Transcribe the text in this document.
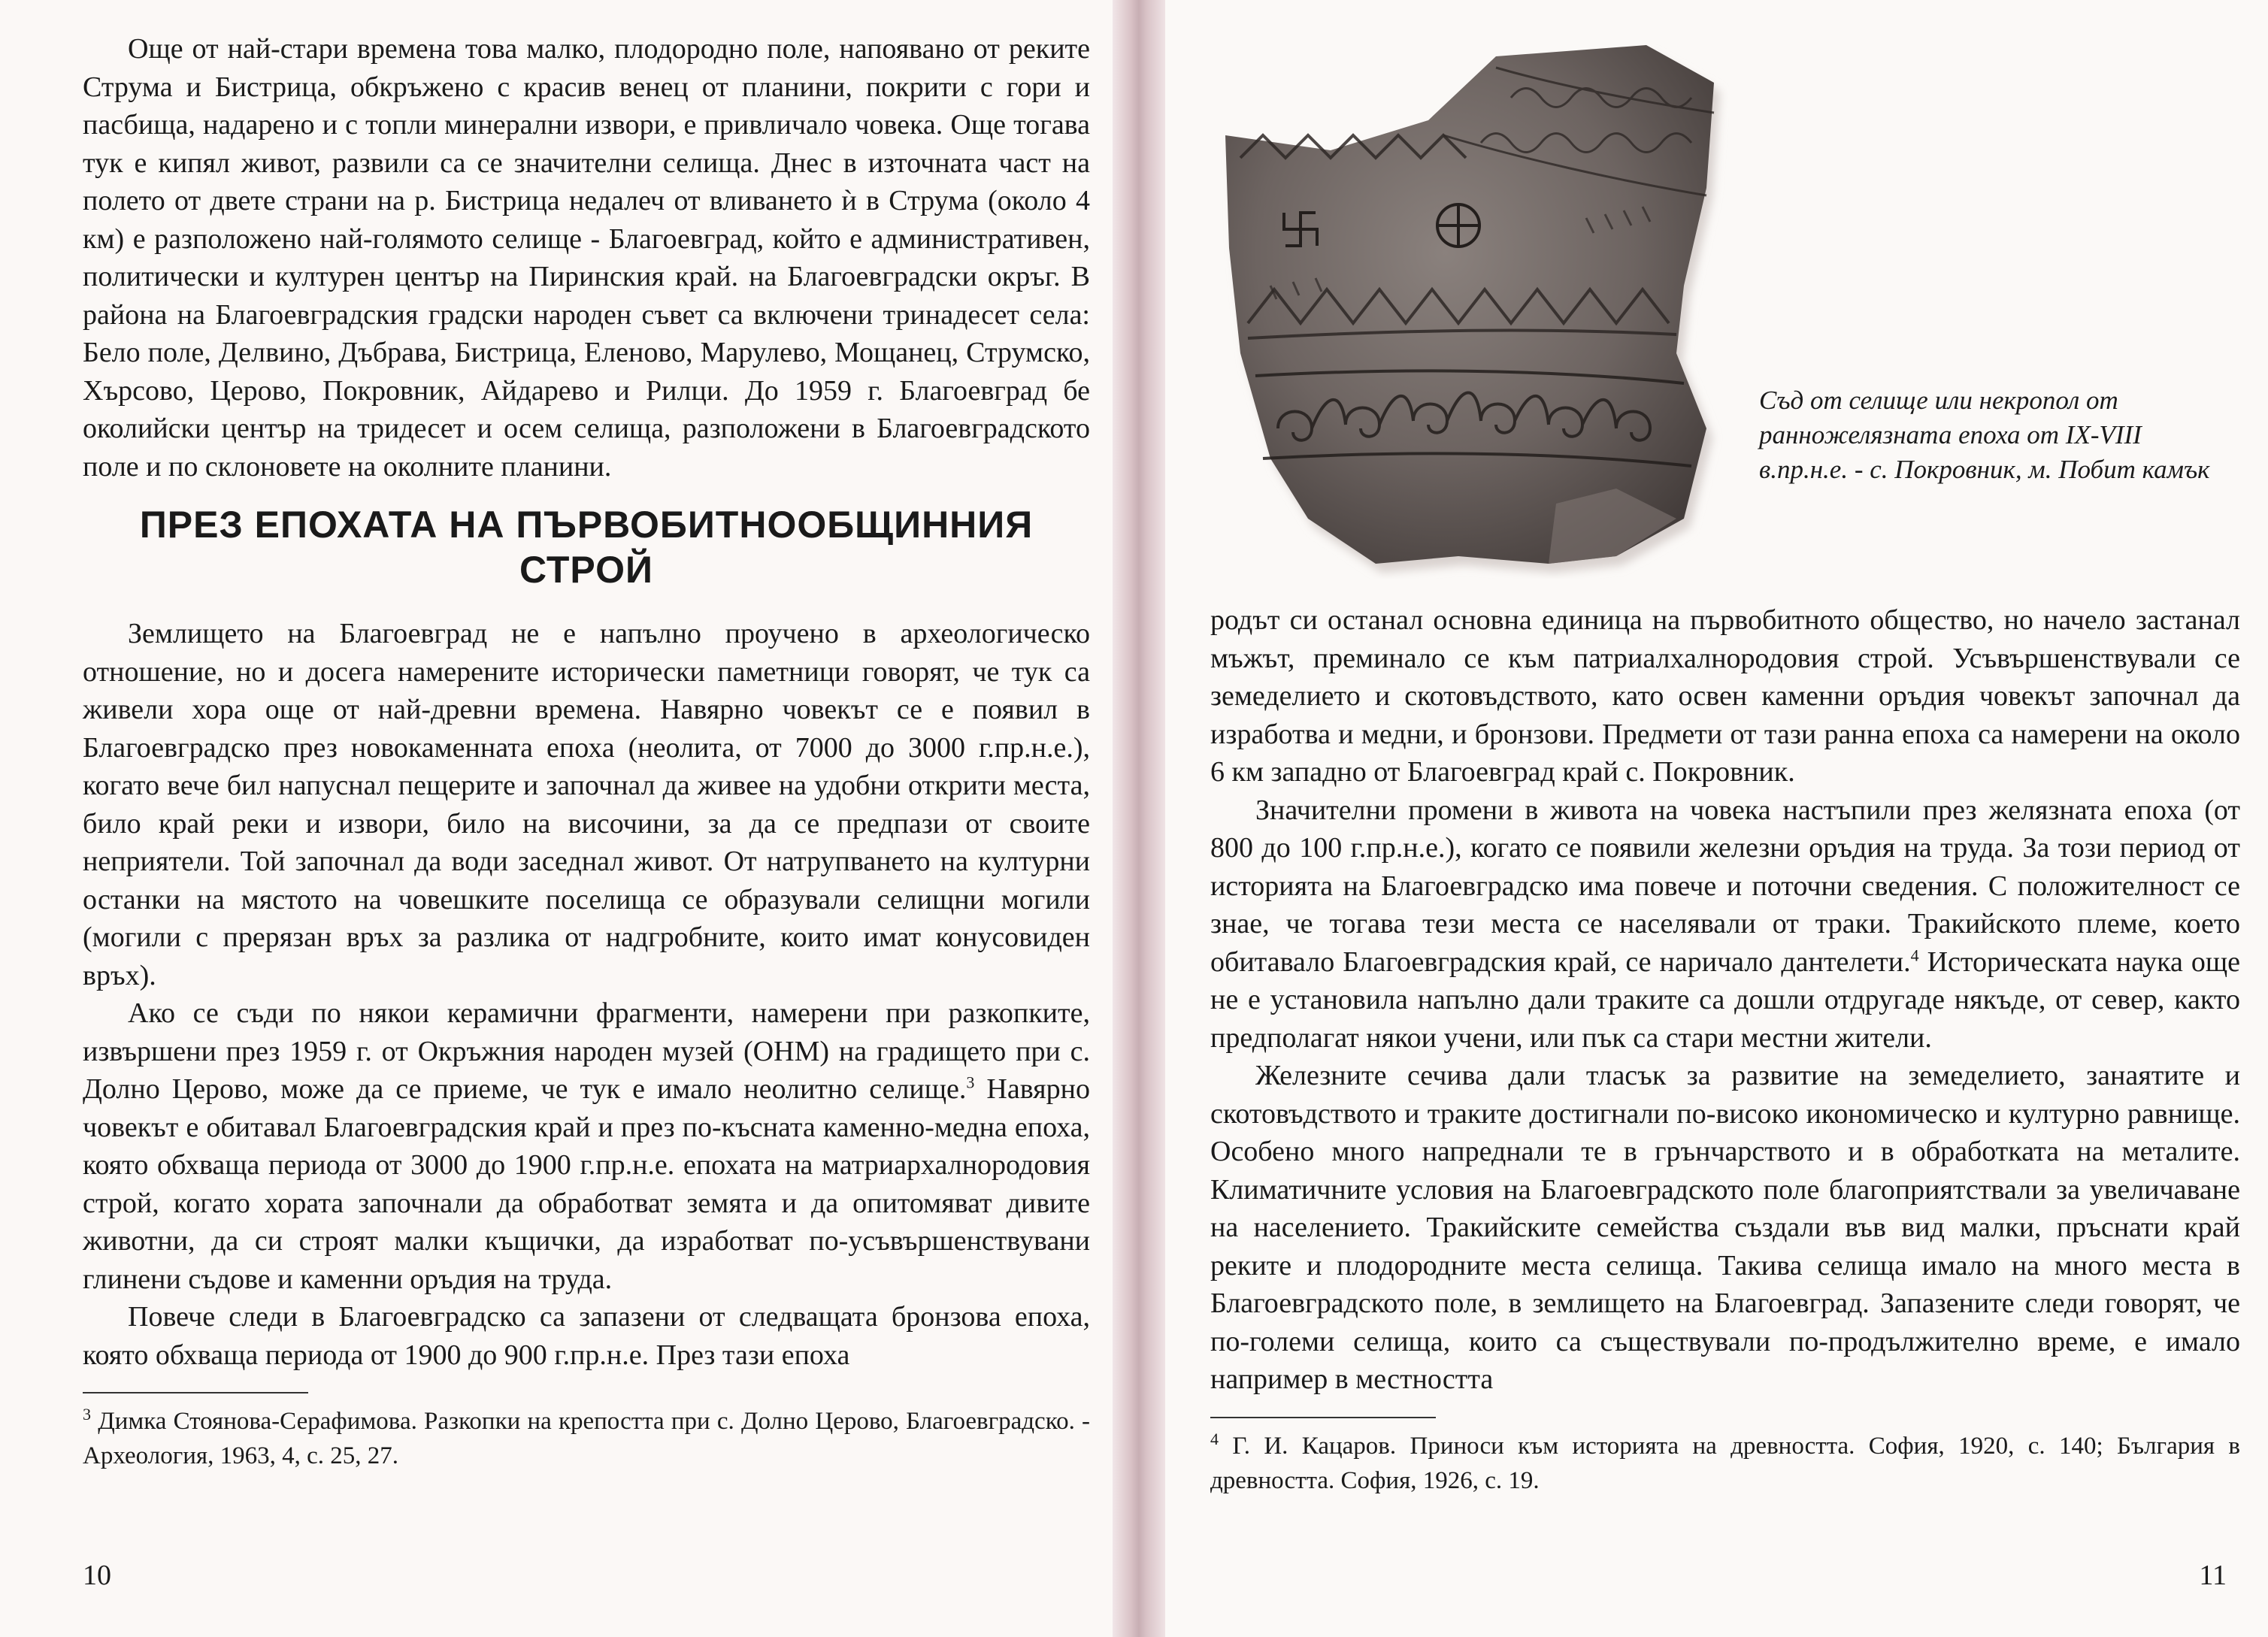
Още от най-стари времена това малко, плодородно поле, напоявано от реките Струма и Бистрица, обкръжено с красив венец от планини, покрити с гори и пасбища, надарено и с топли минерални извори, е привличало човека. Още тогава тук е кипял живот, развили са се значителни селища. Днес в източната част на полето от двете страни на р. Бистрица недалеч от вливането ѝ в Струма (около 4 км) е разположено най-голямото селище - Благоевград, който е административен, политически и културен център на Пиринския край. на Благоевградски окръг. В района на Благоевградския градски народен съвет са включени тринадесет села: Бело поле, Делвино, Дъбрава, Бистрица, Еленово, Марулево, Мощанец, Струмско, Хърсово, Церово, Покровник, Айдарево и Рилци. До 1959 г. Благоевград бе околийски център на тридесет и осем селища, разположени в Благоевградското поле и по склоновете на околните планини.

ПРЕЗ ЕПОХАТА НА ПЪРВОБИТНООБЩИННИЯ
СТРОЙ

Землището на Благоевград не е напълно проучено в археологическо отношение, но и досега намерените исторически паметници говорят, че тук са живели хора още от най-древни времена. Навярно човекът се е появил в Благоевградско през новокаменната епоха (неолита, от 7000 до 3000 г.пр.н.е.), когато вече бил напуснал пещерите и започнал да живее на удобни открити места, било край реки и извори, било на височини, за да се предпази от своите неприятели. Той започнал да води заседнал живот. От натрупването на културни останки на мястото на човешките поселища се образували селищни могили (могили с прерязан връх за разлика от надгробните, които имат конусовиден връх).

Ако се съди по някои керамични фрагменти, намерени при разкопките, извършени през 1959 г. от Окръжния народен музей (ОНМ) на градището при с. Долно Церово, може да се приеме, че тук е имало неолитно селище.$^3$ Навярно човекът е обитавал Благоевградския край и през по-късната каменно-медна епоха, която обхваща периода от 3000 до 1900 г.пр.н.е. епохата на матриархалнородовия строй, когато хората започнали да обработват земята и да опитомяват дивите животни, да си строят малки къщички, да изработват по-усъвършенствувани глинени съдове и каменни оръдия на труда.

Повече следи в Благоевградско са запазени от следващата бронзова епоха, която обхваща периода от 1900 до 900 г.пр.н.е. През тази епоха

$^3$ Димка Стоянова-Серафимова. Разкопки на крепостта при с. Долно Церово, Благоевградско. - Археология, 1963, 4, с. 25, 27.

10
Съд от селище или некропол от ранножелязната епоха от IX-VIII в.пр.н.е. - с. Покровник, м. Побит камък

родът си останал основна единица на първобитното общество, но начело застанал мъжът, преминало се към патриалхалнородовия строй. Усъвършенствували се земеделието и скотовъдството, като освен каменни оръдия човекът започнал да изработва и медни, и бронзови. Предмети от тази ранна епоха са намерени на около 6 км западно от Благоевград край с. Покровник.

Значителни промени в живота на човека настъпили през желязната епоха (от 800 до 100 г.пр.н.е.), когато се появили железни оръдия на труда. За този период от историята на Благоевградско има повече и поточни сведения. С положителност се знае, че тогава тези места се населявали от траки. Тракийското племе, което обитавало Благоевградския край, се наричало дантелети.$^4$ Историческата наука още не е установила напълно дали траките са дошли отдругаде някъде, от север, както предполагат някои учени, или пък са стари местни жители.

Железните сечива дали тласък за развитие на земеделието, занаятите и скотовъдството и траките достигнали по-високо икономическо и културно равнище. Особено много напреднали те в грънчарството и в обработката на металите. Климатичните условия на Благоевградското поле благоприятствали за увеличаване на населението. Тракийските семейства създали във вид малки, пръснати край реките и плодородните места селища. Такива селища имало на много места в Благоевградското поле, в землището на Благоевград. Запазените следи говорят, че по-големи селища, които са съществували по-продължително време, е имало например в местността

$^4$ Г. И. Кацаров. Приноси към историята на древността. София, 1920, с. 140; България в древността. София, 1926, с. 19.

11
